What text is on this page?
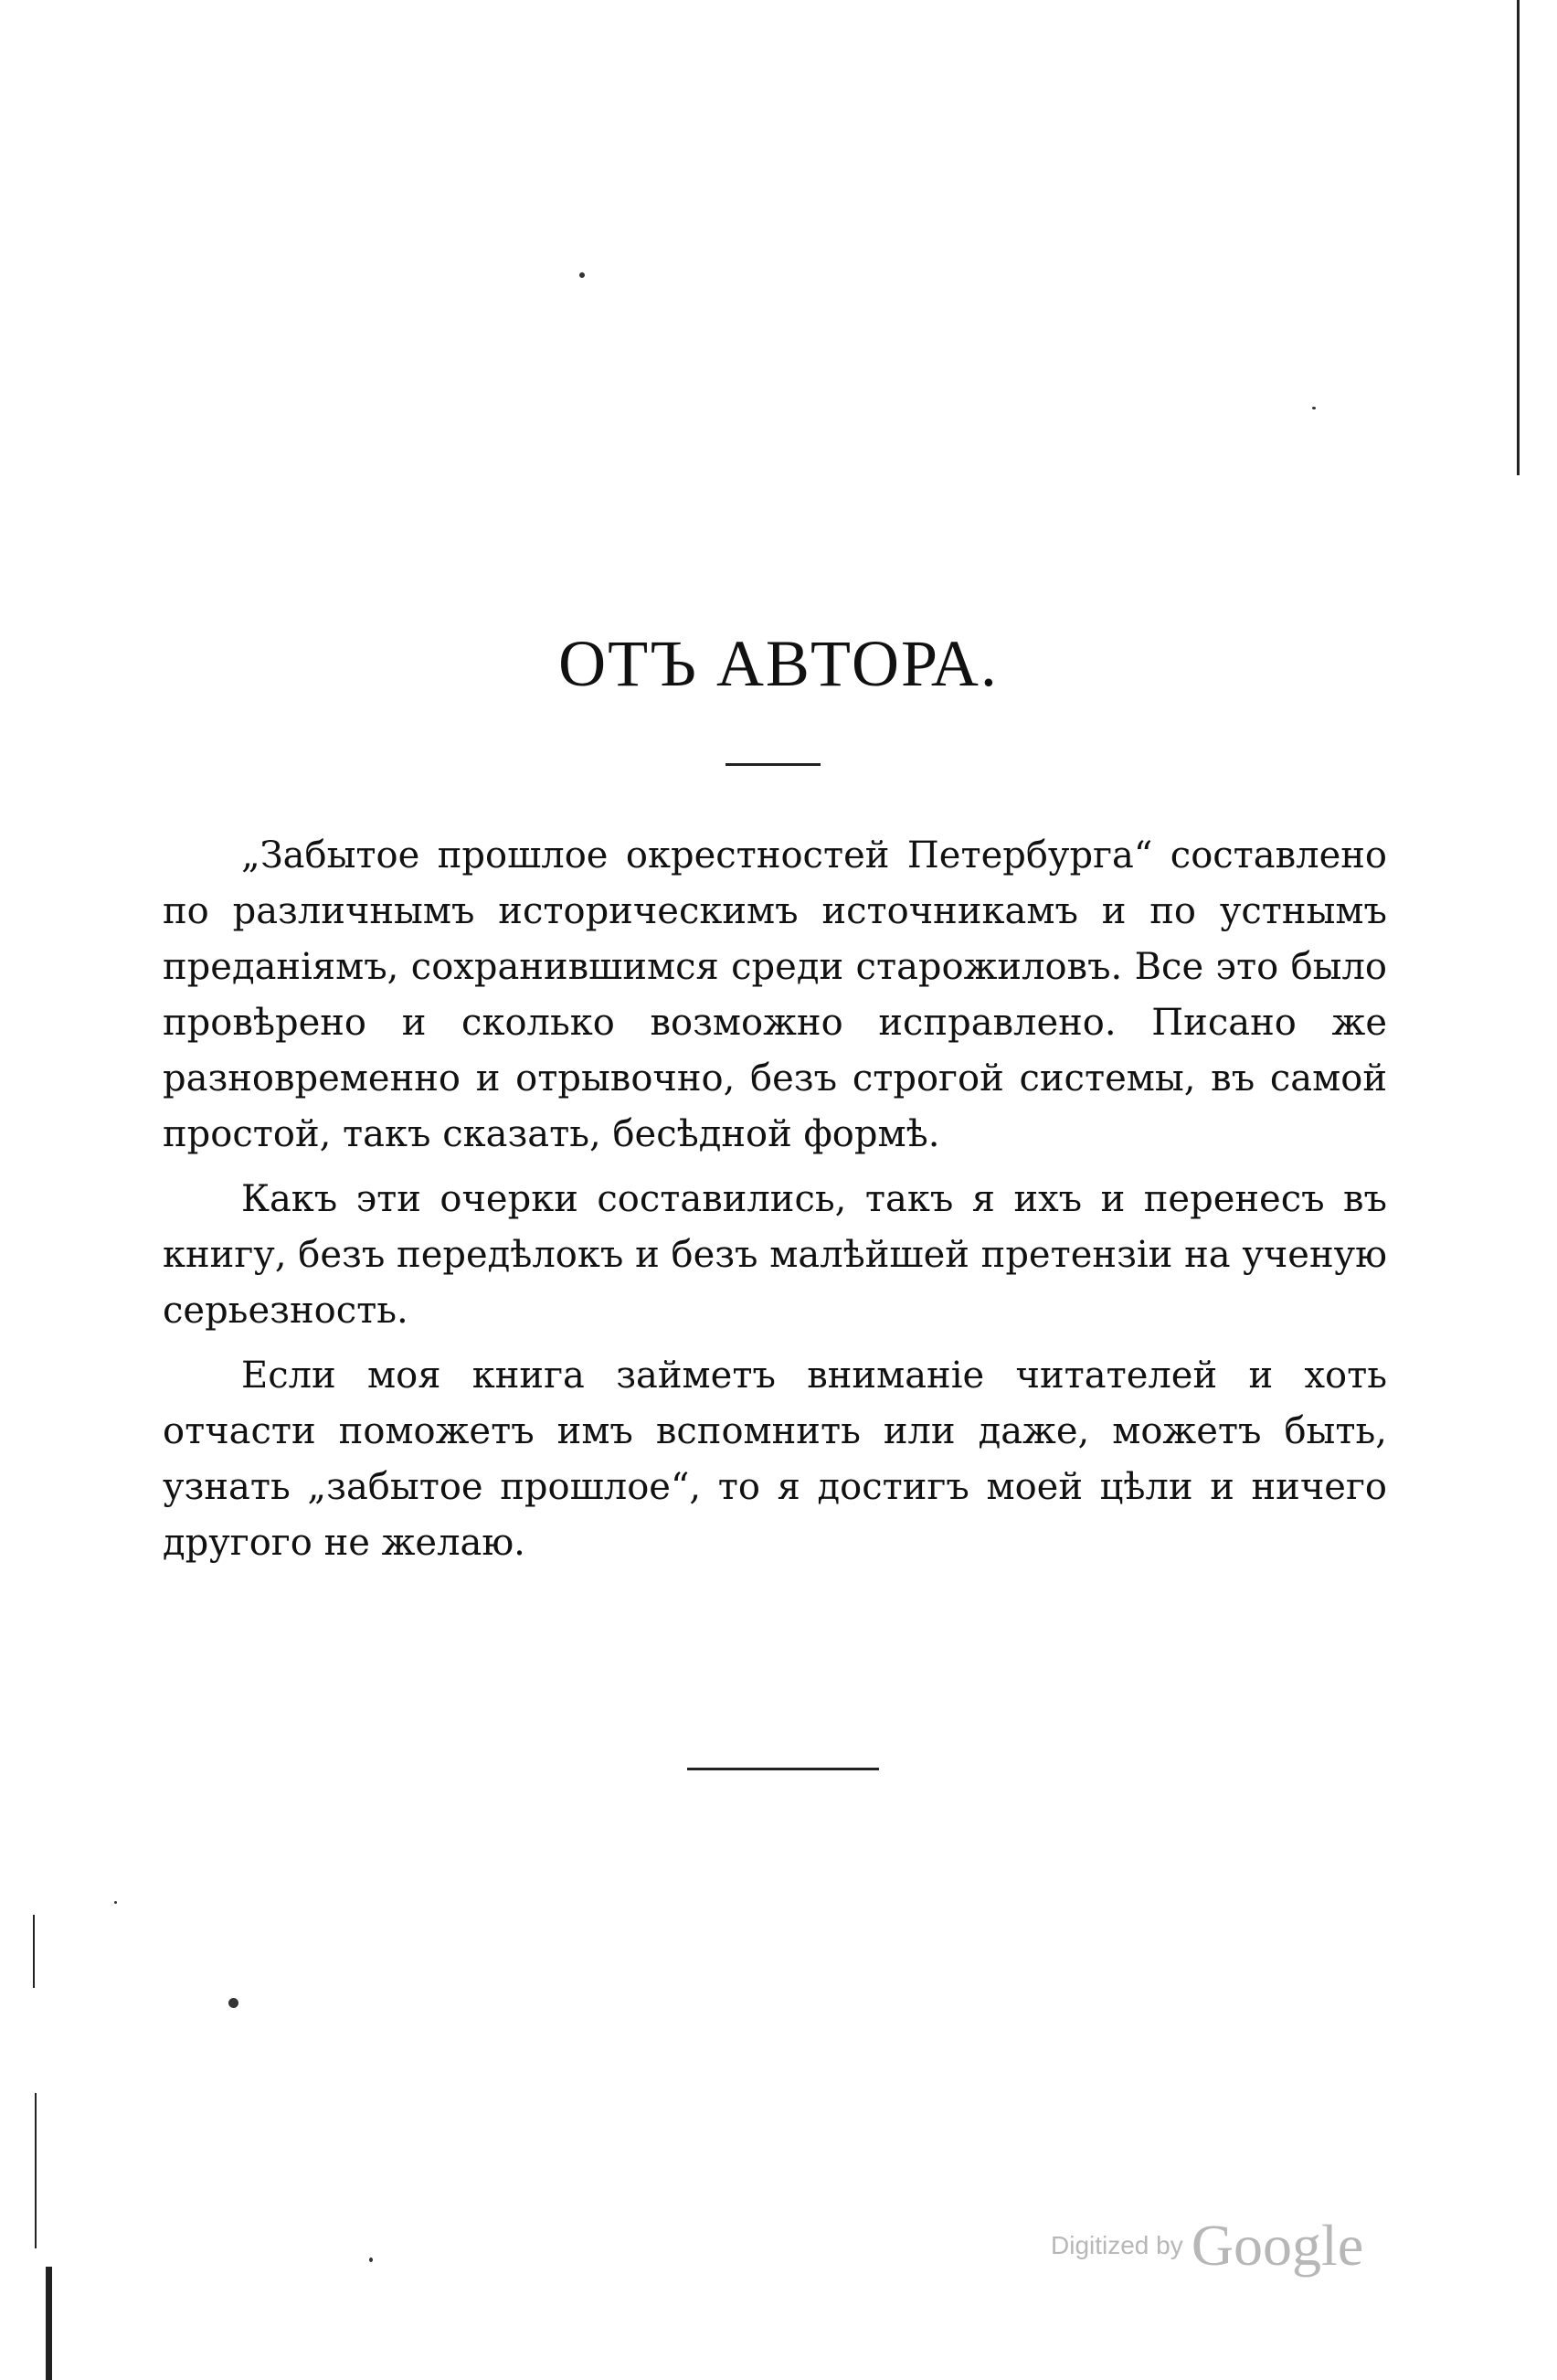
ОТЪ АВТОРА.

„Забытое прошлое окрестностей Петербурга“ составлено по различнымъ историческимъ источникамъ и по устнымъ преданіямъ, сохранившимся среди старожиловъ. Все это было провѣрено и сколько возможно исправлено. Писано же разновременно и отрывочно, безъ строгой системы, въ самой простой, такъ сказать, бесѣдной формѣ.

Какъ эти очерки составились, такъ я ихъ и перенесъ въ книгу, безъ передѣлокъ и безъ малѣйшей претензіи на ученую серьезность.

Если моя книга займетъ вниманіе читателей и хоть отчасти поможетъ имъ вспомнить или даже, можетъ быть, узнать „забытое прошлое“, то я достигъ моей цѣли и ничего другого не желаю.

Digitized by Google
